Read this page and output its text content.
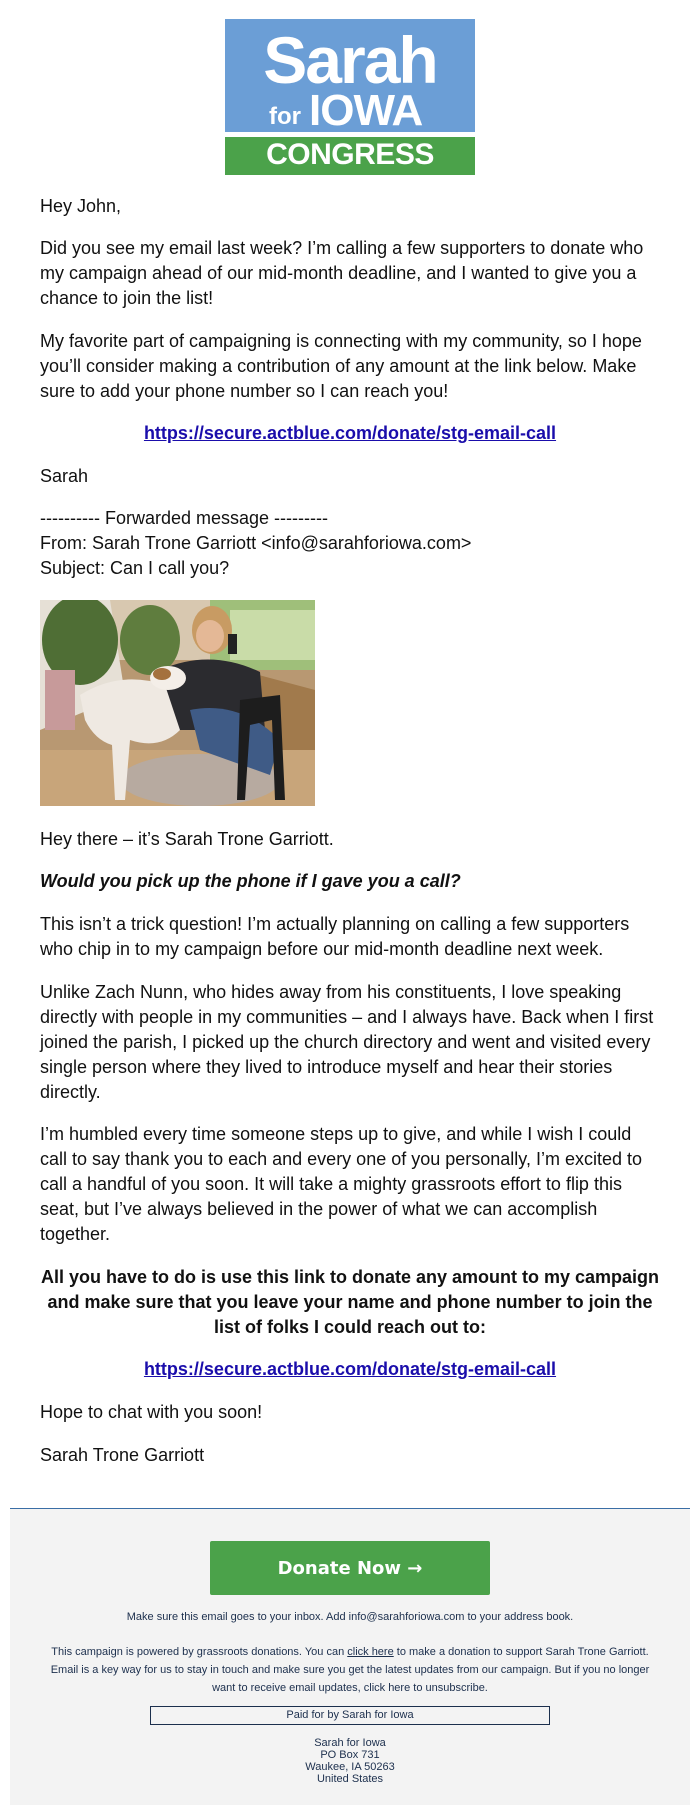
Sarah
for IOWA
CONGRESS

Hey John,

Did you see my email last week? I’m calling a few supporters to donate who my campaign ahead of our mid-month deadline, and I wanted to give you a chance to join the list!

My favorite part of campaigning is connecting with my community, so I hope you’ll consider making a contribution of any amount at the link below. Make sure to add your phone number so I can reach you!

https://secure.actblue.com/donate/stg-email-call

Sarah

---------- Forwarded message ---------

From: Sarah Trone Garriott <info@sarahforiowa.com>

Subject: Can I call you?

Hey there – it’s Sarah Trone Garriott.

Would you pick up the phone if I gave you a call?

This isn’t a trick question! I’m actually planning on calling a few supporters who chip in to my campaign before our mid-month deadline next week.

Unlike Zach Nunn, who hides away from his constituents, I love speaking directly with people in my communities – and I always have. Back when I first joined the parish, I picked up the church directory and went and visited every single person where they lived to introduce myself and hear their stories directly.

I’m humbled every time someone steps up to give, and while I wish I could call to say thank you to each and every one of you personally, I’m excited to call a handful of you soon. It will take a mighty grassroots effort to flip this seat, but I’ve always believed in the power of what we can accomplish together.

All you have to do is use this link to donate any amount to my campaign and make sure that you leave your name and phone number to join the list of folks I could reach out to:

https://secure.actblue.com/donate/stg-email-call

Hope to chat with you soon!

Sarah Trone Garriott

Donate Now →
Make sure this email goes to your inbox. Add info@sarahforiowa.com to your address book.
This campaign is powered by grassroots donations. You can click here to make a donation to support Sarah Trone Garriott. Email is a key way for us to stay in touch and make sure you get the latest updates from our campaign. But if you no longer want to receive email updates, click here to unsubscribe.
Paid for by Sarah for Iowa
Sarah for Iowa
PO Box 731
Waukee, IA 50263
United States
